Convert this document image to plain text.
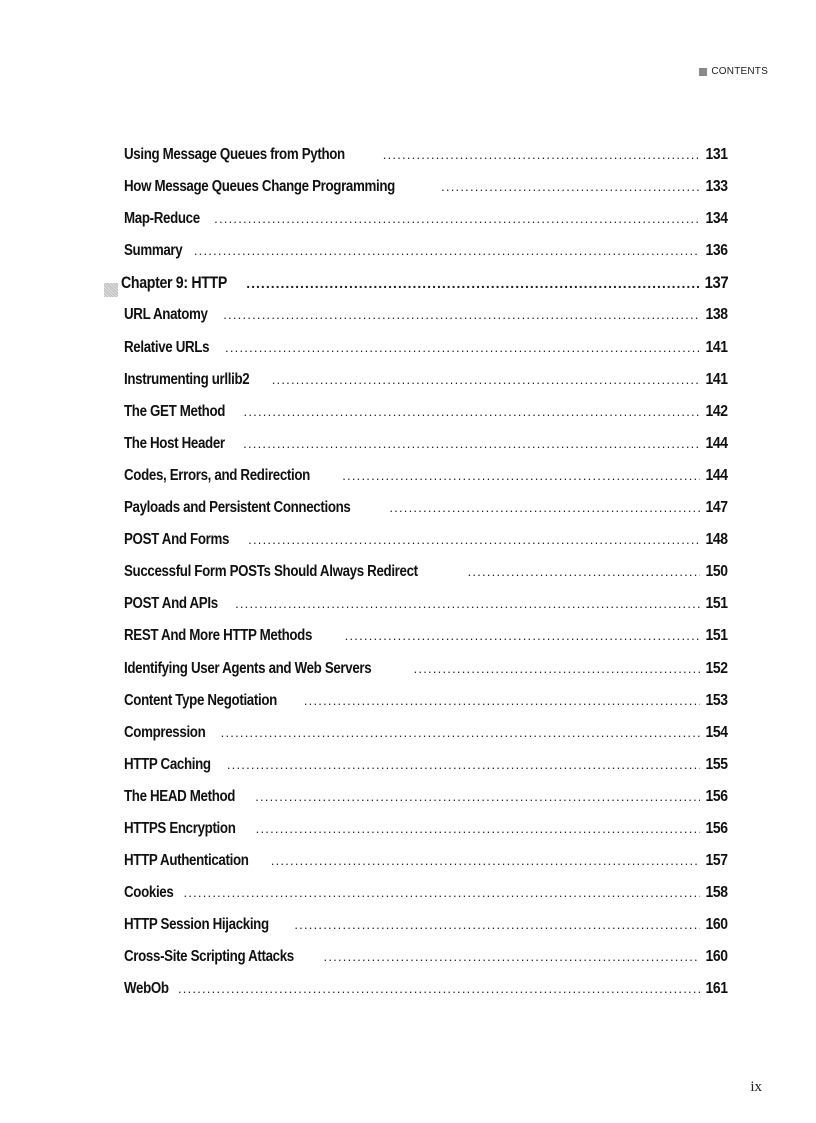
CONTENTS
Using Message Queues from Python .....	131
How Message Queues Change Programming .....	133
Map-Reduce .....	134
Summary .....	136
Chapter 9: HTTP .....	137
URL Anatomy .....	138
Relative URLs .....	141
Instrumenting urllib2 .....	141
The GET Method .....	142
The Host Header .....	144
Codes, Errors, and Redirection .....	144
Payloads and Persistent Connections .....	147
POST And Forms .....	148
Successful Form POSTs Should Always Redirect .....	150
POST And APIs .....	151
REST And More HTTP Methods .....	151
Identifying User Agents and Web Servers .....	152
Content Type Negotiation .....	153
Compression .....	154
HTTP Caching .....	155
The HEAD Method .....	156
HTTPS Encryption .....	156
HTTP Authentication .....	157
Cookies .....	158
HTTP Session Hijacking .....	160
Cross-Site Scripting Attacks .....	160
WebOb .....	161
ix
